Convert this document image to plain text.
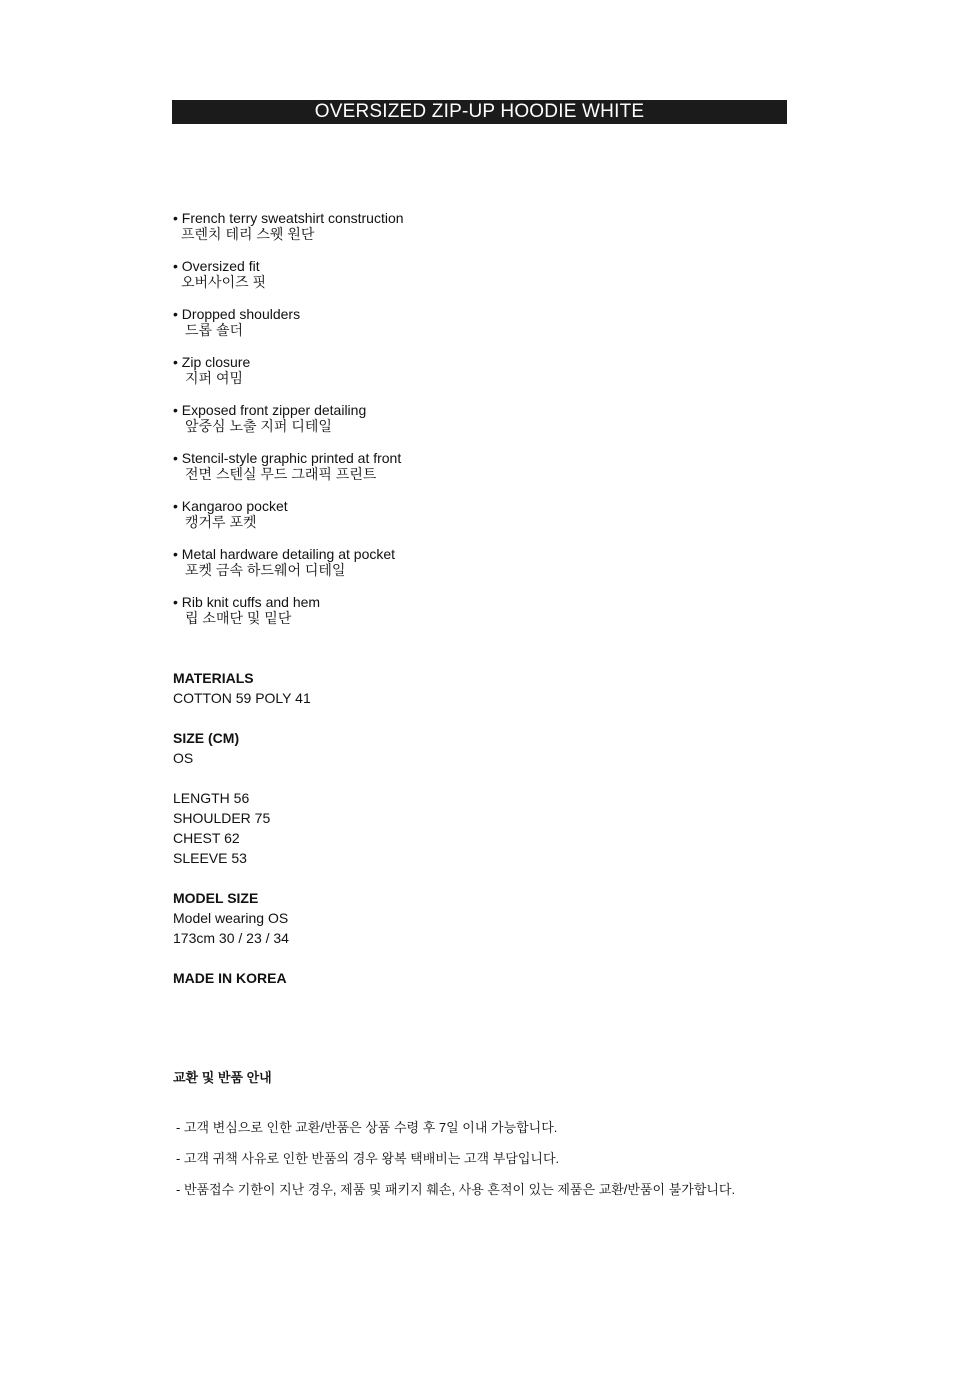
OVERSIZED ZIP-UP HOODIE WHITE
• French terry sweatshirt construction
프렌치 테리 스웻 원단
• Oversized fit
오버사이즈 핏
• Dropped shoulders
드롭 숄더
• Zip closure
지퍼 여밈
• Exposed front zipper detailing
앞중심 노출 지퍼 디테일
• Stencil-style graphic printed at front
전면 스텐실 무드 그래픽 프린트
• Kangaroo pocket
캥거루 포켓
• Metal hardware detailing at pocket
포켓 금속 하드웨어 디테일
• Rib knit cuffs and hem
립 소매단 및 밑단
MATERIALS
COTTON 59 POLY 41
SIZE (CM)
OS
LENGTH 56
SHOULDER 75
CHEST 62
SLEEVE 53
MODEL SIZE
Model wearing OS
173cm 30 / 23 / 34
MADE IN KOREA
교환 및 반품 안내
- 고객 변심으로 인한 교환/반품은 상품 수령 후 7일 이내 가능합니다.
- 고객 귀책 사유로 인한 반품의 경우 왕복 택배비는 고객 부담입니다.
- 반품접수 기한이 지난 경우, 제품 및 패키지 훼손, 사용 흔적이 있는 제품은 교환/반품이 불가합니다.
